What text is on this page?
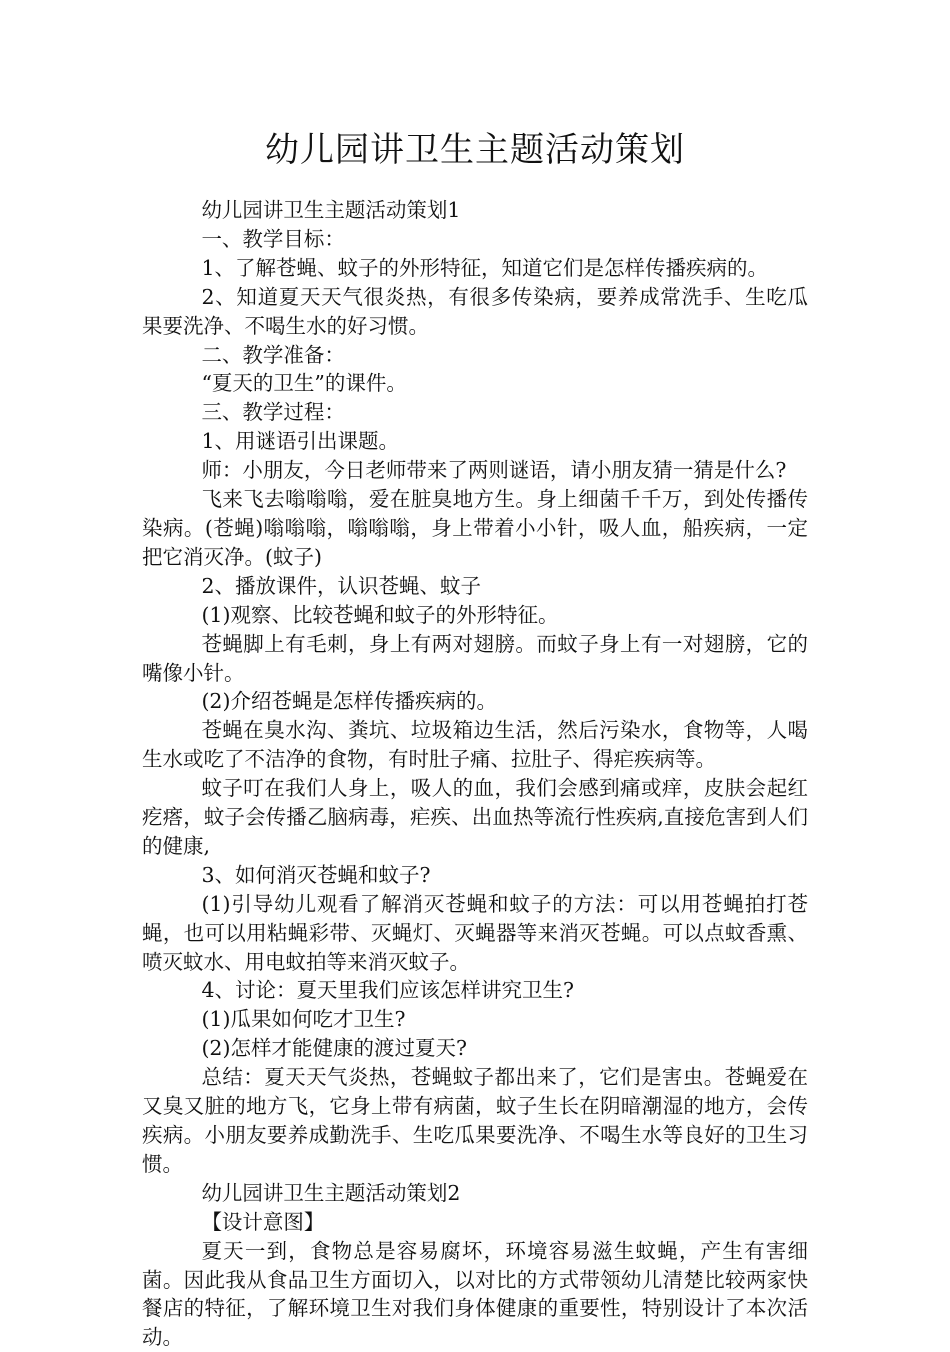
幼儿园讲卫生主题活动策划

幼儿园讲卫生主题活动策划1

一、教学目标：

1、了解苍蝇、蚊子的外形特征，知道它们是怎样传播疾病的。

2、知道夏天天气很炎热，有很多传染病，要养成常洗手、生吃瓜果要洗净、不喝生水的好习惯。

二、教学准备：

“夏天的卫生”的课件。

三、教学过程：

1、用谜语引出课题。

师：小朋友，今日老师带来了两则谜语，请小朋友猜一猜是什么?

飞来飞去嗡嗡嗡，爱在脏臭地方生。身上细菌千千万，到处传播传染病。(苍蝇)嗡嗡嗡，嗡嗡嗡，身上带着小小针，吸人血，船疾病，一定把它消灭净。(蚊子)

2、播放课件，认识苍蝇、蚊子

(1)观察、比较苍蝇和蚊子的外形特征。

苍蝇脚上有毛刺，身上有两对翅膀。而蚊子身上有一对翅膀，它的嘴像小针。

(2)介绍苍蝇是怎样传播疾病的。

苍蝇在臭水沟、粪坑、垃圾箱边生活，然后污染水，食物等，人喝生水或吃了不洁净的食物，有时肚子痛、拉肚子、得疟疾病等。

蚊子叮在我们人身上，吸人的血，我们会感到痛或痒，皮肤会起红疙瘩，蚊子会传播乙脑病毒，疟疾、出血热等流行性疾病,直接危害到人们的健康,

3、如何消灭苍蝇和蚊子?

(1)引导幼儿观看了解消灭苍蝇和蚊子的方法：可以用苍蝇拍打苍蝇，也可以用粘蝇彩带、灭蝇灯、灭蝇器等来消灭苍蝇。可以点蚊香熏、喷灭蚊水、用电蚊拍等来消灭蚊子。

4、讨论：夏天里我们应该怎样讲究卫生?

(1)瓜果如何吃才卫生?

(2)怎样才能健康的渡过夏天?

总结：夏天天气炎热，苍蝇蚊子都出来了，它们是害虫。苍蝇爱在又臭又脏的地方飞，它身上带有病菌，蚊子生长在阴暗潮湿的地方，会传疾病。小朋友要养成勤洗手、生吃瓜果要洗净、不喝生水等良好的卫生习惯。

幼儿园讲卫生主题活动策划2

【设计意图】

夏天一到，食物总是容易腐坏，环境容易滋生蚊蝇，产生有害细菌。因此我从食品卫生方面切入，以对比的方式带领幼儿清楚比较两家快餐店的特征，了解环境卫生对我们身体健康的重要性，特别设计了本次活动。
